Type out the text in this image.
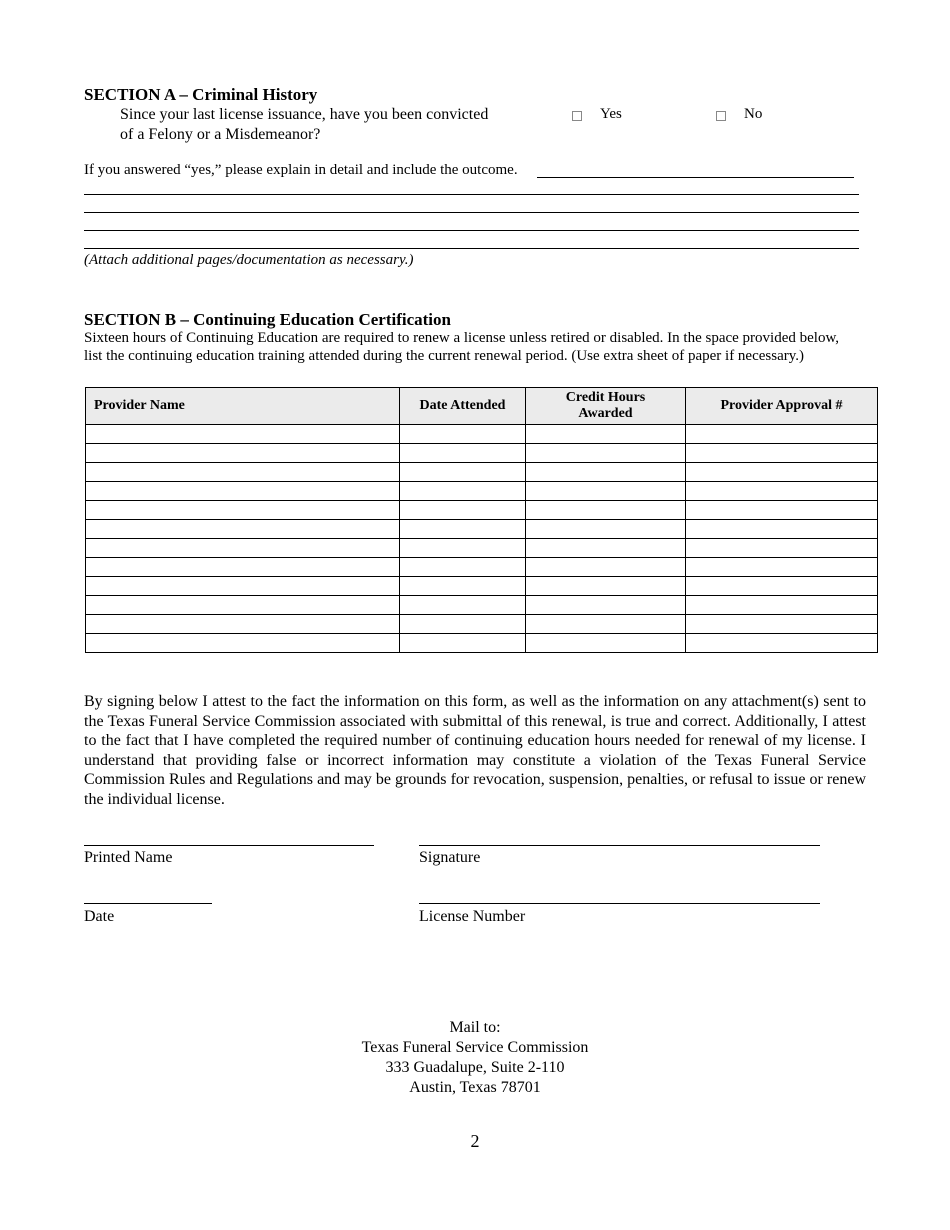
SECTION A – Criminal History
Since your last license issuance, have you been convicted
of a Felony or a Misdemeanor?
Yes	No
If you answered “yes,” please explain in detail and include the outcome.
(Attach additional pages/documentation as necessary.)
SECTION B – Continuing Education Certification
Sixteen hours of Continuing Education are required to renew a license unless retired or disabled. In the space provided below,
list the continuing education training attended during the current renewal period. (Use extra sheet of paper if necessary.)
Provider Name	Date Attended	Credit Hours
Awarded	Provider Approval #

By signing below I attest to the fact the information on this form, as well as the information on any attachment(s) sent to the Texas Funeral Service Commission associated with submittal of this renewal, is true and correct. Additionally, I attest to the fact that I have completed the required number of continuing education hours needed for renewal of my license. I understand that providing false or incorrect information may constitute a violation of the Texas Funeral Service Commission Rules and Regulations and may be grounds for revocation, suspension, penalties, or refusal to issue or renew the individual license.
Printed Name	Signature
Date	License Number
Mail to:
Texas Funeral Service Commission
333 Guadalupe, Suite 2-110
Austin, Texas 78701
2
